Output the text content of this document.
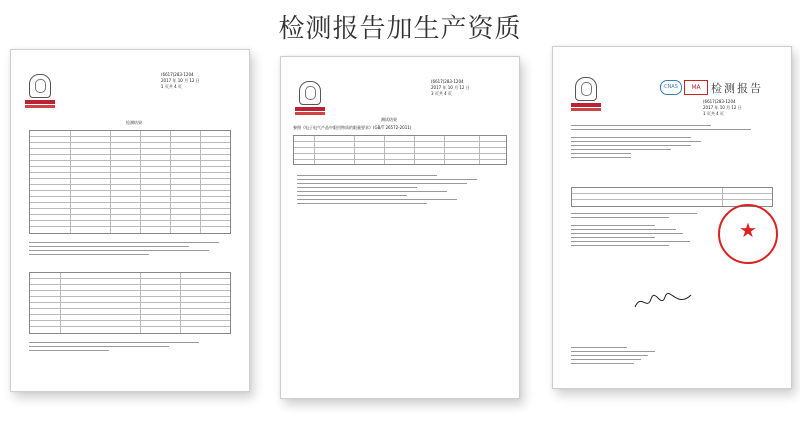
检测报告加生产资质
(6617)283-1204
2017 年 10 月 12 日
1 页共 4 页
检测结果
(6617)283-1204
2017 年 10 月 12 日
3 页共 4 页
测试结果
参照《电子电气产品中限用物质的限量要求》(GB/T 26572-2011)
CNAS	MA 检测报告
(6617)283-1204
2017 年 10 月 12 日
1 页共 4 页
★
